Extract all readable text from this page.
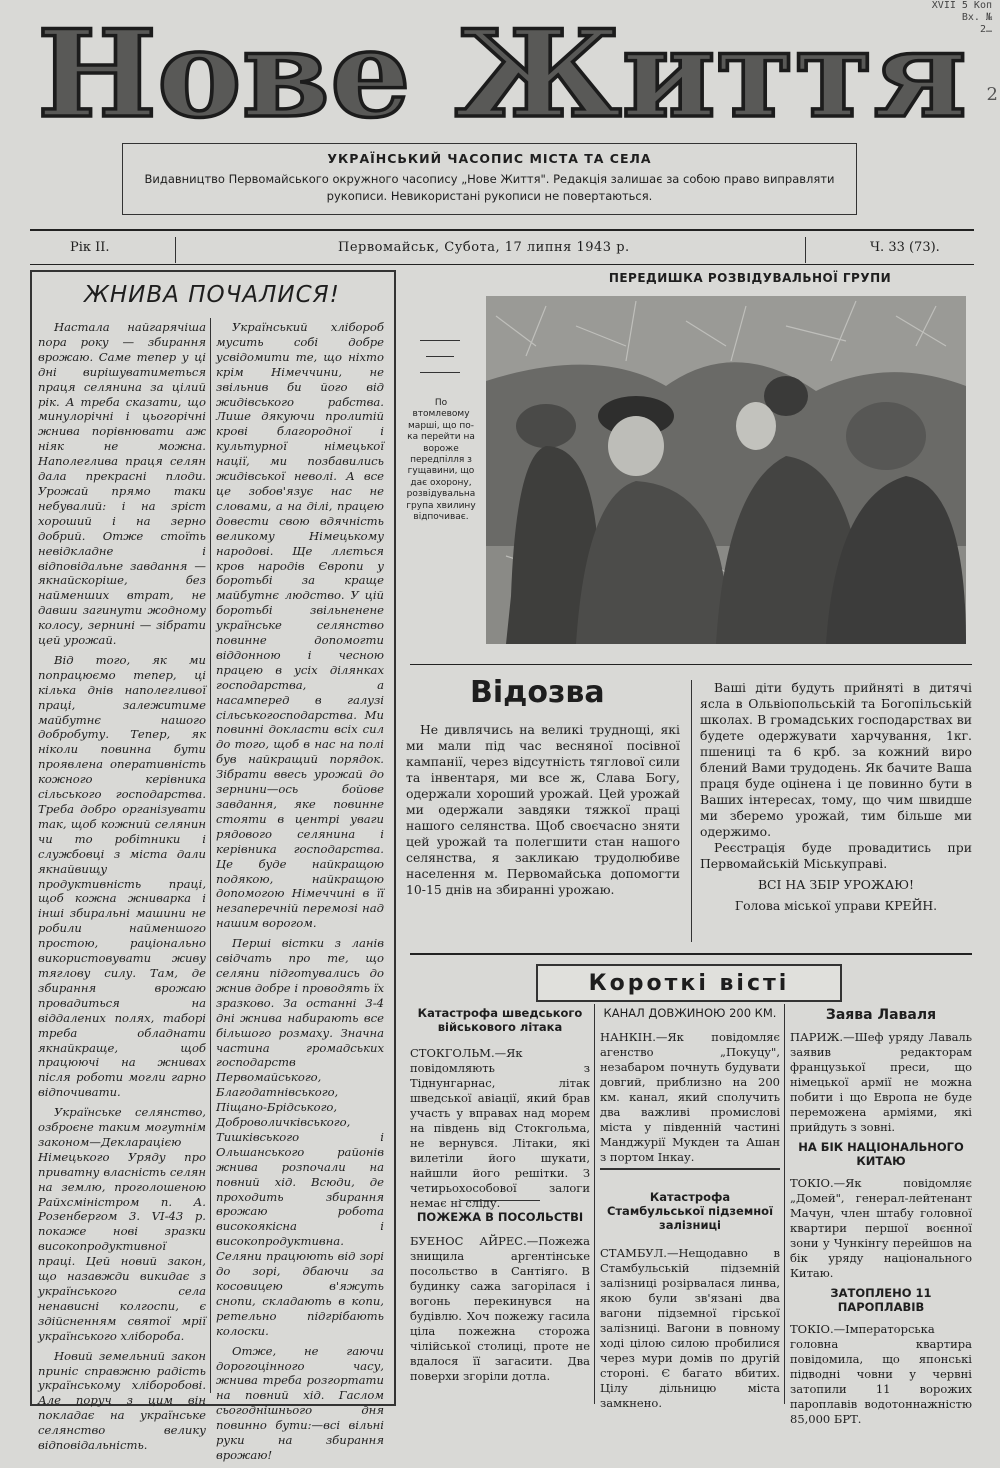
XVII 5 Коп
Вх. №
2…
2
Нове Життя
УКРАЇНСЬКИЙ ЧАСОПИС МІСТА ТА СЕЛА
Видавництво Первомайського окружного часопису „Нове Життя". Редакція залишає за собою право виправляти рукописи. Невикористані рукописи не повертаються.
Рік II.	Первомайськ, Субота, 17 липня 1943 р.	Ч. 33 (73).
ЖНИВА ПОЧАЛИСЯ!

Настала найгарячіша пора року — збирання врожаю. Саме тепер у ці дні вирішуватиметься праця селянина за цілий рік. А треба сказати, що минулорічні і цьогорічні жнива порівнювати аж ніяк не можна. Наполеглива праця селян дала прекрасні плоди. Урожай прямо таки небувалий: і на зріст хороший і на зерно добрий. Отже стоїть невідкладне і відповідальне завдання — якнайскоріше, без найменших втрат, не давши загинути жодному колосу, зернині — зібрати цей урожай.

Від того, як ми попрацюємо тепер, ці кілька днів наполегливої праці, залежитиме майбутнє нашого добробуту. Тепер, як ніколи повинна бути проявлена оперативність кожного керівника сільського господарства. Треба добро організувати так, щоб кожний селянин чи то робітники і службовці з міста дали якнайвищу продуктивність праці, щоб кожна жниварка і інші збиральні машини не робили найменшого простою, раціонально використовувати живу тяглову силу. Там, де збирання врожаю провадиться на віддалених полях, таборі треба обладнати якнайкраще, щоб працюючі на жнивах після роботи могли гарно відпочивати.

Українське селянство, озброєне таким могутнім законом—Декларацією Німецького Уряду про приватну власність селян на землю, проголошеною Райхсміністром п. А. Розенбергом 3. VI-43 р. покаже нові зразки високопродуктивної праці. Цей новий закон, що назавжди викидає з українського села ненависні колгоспи, є здійсненням святої мрії українського хлібороба.

Новий земельний закон приніс справжню радість українському хліборобові. Але поруч з цим він покладає на українське селянство велику відповідальність.

Український хлібороб мусить собі добре усвідомити те, що ніхто крім Німеччини, не звільнив би його від жидівського рабства. Лише дякуючи пролитій крові благородної і культурної німецької нації, ми позбавились жидівської неволі. А все це зобов'язує нас не словами, а на ділі, працею довести свою вдячність великому Німецькому народові. Ще ллється кров народів Європи у боротьбі за краще майбутнє людство. У цій боротьбі звільненене українське селянство повинне допомогти віддонною і чесною працею в усіх ділянках господарства, а насамперед в галузі сільськогосподарства. Ми повинні докласти всіх сил до того, щоб в нас на полі був найкращий порядок. Зібрати ввесь урожай до зернини—ось бойове завдання, яке повинне стояти в центрі уваги рядового селянина і керівника господарства. Це буде найкращою подякою, найкращою допомогою Німеччині в її незаперечній перемозі над нашим ворогом.

Перші вістки з ланів свідчать про те, що селяни підготувались до жнив добре і проводять їх зразково. За останні 3-4 дні жнива набирають все більшого розмаху. Значна частина громадських господарств Первомайського, Благодатнівського, Піщано-Брідського, Доброволичківського, Тишківського і Ольшанського районів жнива розпочали на повний хід. Всюди, де проходить збирання врожаю робота високоякісна і високопродуктивна. Селяни працюють від зорі до зорі, дбаючи за косовицею в'яжуть снопи, складають в копи, ретельно підгрібають колоски.

Отже, не гаючи дорогоцінного часу, жнива треба розгортати на повний хід. Гаслом сьогоднішнього дня повинно бути:—всі вільні руки на збирання врожаю!

ПЕРЕДИШКА РОЗВІДУВАЛЬНОЇ ГРУПИ
По втомлевому марші, що по- ка перейти на вороже передпілля з гущавини, що дає охорону, розвідувальна група хвилину відпочиває.
Відозва

Не дивлячись на великі труднощі, які ми мали під час весняної посівної кампанії, через відсутність тяглової сили та інвентаря, ми все ж, Слава Богу, одержали хороший урожай. Цей урожай ми одержали завдяки тяжкої праці нашого селянства. Щоб своєчасно зняти цей урожай та полегшити стан нашого селянства, я закликаю трудолюбиве населення м. Первомайська допомогти 10-15 днів на збиранні урожаю.

Ваші діти будуть прийняті в дитячі ясла в Ольвіопольській та Богопільській школах. В громадських господарствах ви будете одержувати харчування, 1кг. пшениці та 6 крб. за кожний виро блений Вами трудодень. Як бачите Ваша праця буде оцінена і це повинно бути в Ваших інтересах, тому, що чим швидше ми зберемо урожай, тим більше ми одержимо.

Реєстрація буде провадитись при Первомайській Міськуправі.

ВСІ НА ЗБІР УРОЖАЮ!
Голова міської управи КРЕЙН.
Короткі вісті
Катастрофа шведського військового літака
СТОКГОЛЬМ.—Як повідомляють з Тіднунгарнас, літак шведської авіації, який брав участь у вправах над морем на південь від Стокгольма, не вернувся. Літаки, які вилетіли його шукати, найшли його решітки. З четирьохособової залоги немає ні сліду.
ПОЖЕЖА В ПОСОЛЬСТВІ
БУЕНОС АЙРЕС.—Пожежа знищила аргентінське посольство в Сантіяго. В будинку сажа загорілася і вогонь перекинувся на будівлю. Хоч пожежу гасила ціла пожежна сторожа чілійської столиці, проте не вдалося її загасити. Два поверхи згоріли дотла.
КАНАЛ ДОВЖИНОЮ 200 КМ.
НАНКІН.—Як повідомляє агенство „Покуцу", незабаром почнуть будувати довгий, приблизно на 200 км. канал, який сполучить два важливі промислові міста у південній частині Манджурії Мукден та Ашан з портом Інкау.
Катастрофа Стамбульської підземної залізниці
СТАМБУЛ.—Нещодавно в Стамбульській підземній залізниці розірвалася линва, якою були зв'язані два вагони підземної гірської залізниці. Вагони в повному ході цілою силою пробилися через мури домів по другій стороні. Є багато вбитих. Цілу дільницю міста замкнено.
Заява Лаваля
ПАРИЖ.—Шеф уряду Лаваль заявив редакторам французької преси, що німецької армії не можна побити і що Европа не буде переможена арміями, які прийдуть з зовні.
НА БІК НАЦІОНАЛЬНОГО КИТАЮ
ТОКІО.—Як повідомляє „Домей", генерал-лейтенант Мачун, член штабу головної квартири першої воєнної зони у Чункінгу перейшов на бік уряду національного Китаю.
ЗАТОПЛЕНО 11 ПАРОПЛАВІВ
ТОКІО.—Імператорська головна квартира повідомила, що японські підводні човни у червні затопили 11 ворожих пароплавів водотоннажністю 85,000 БРТ.
